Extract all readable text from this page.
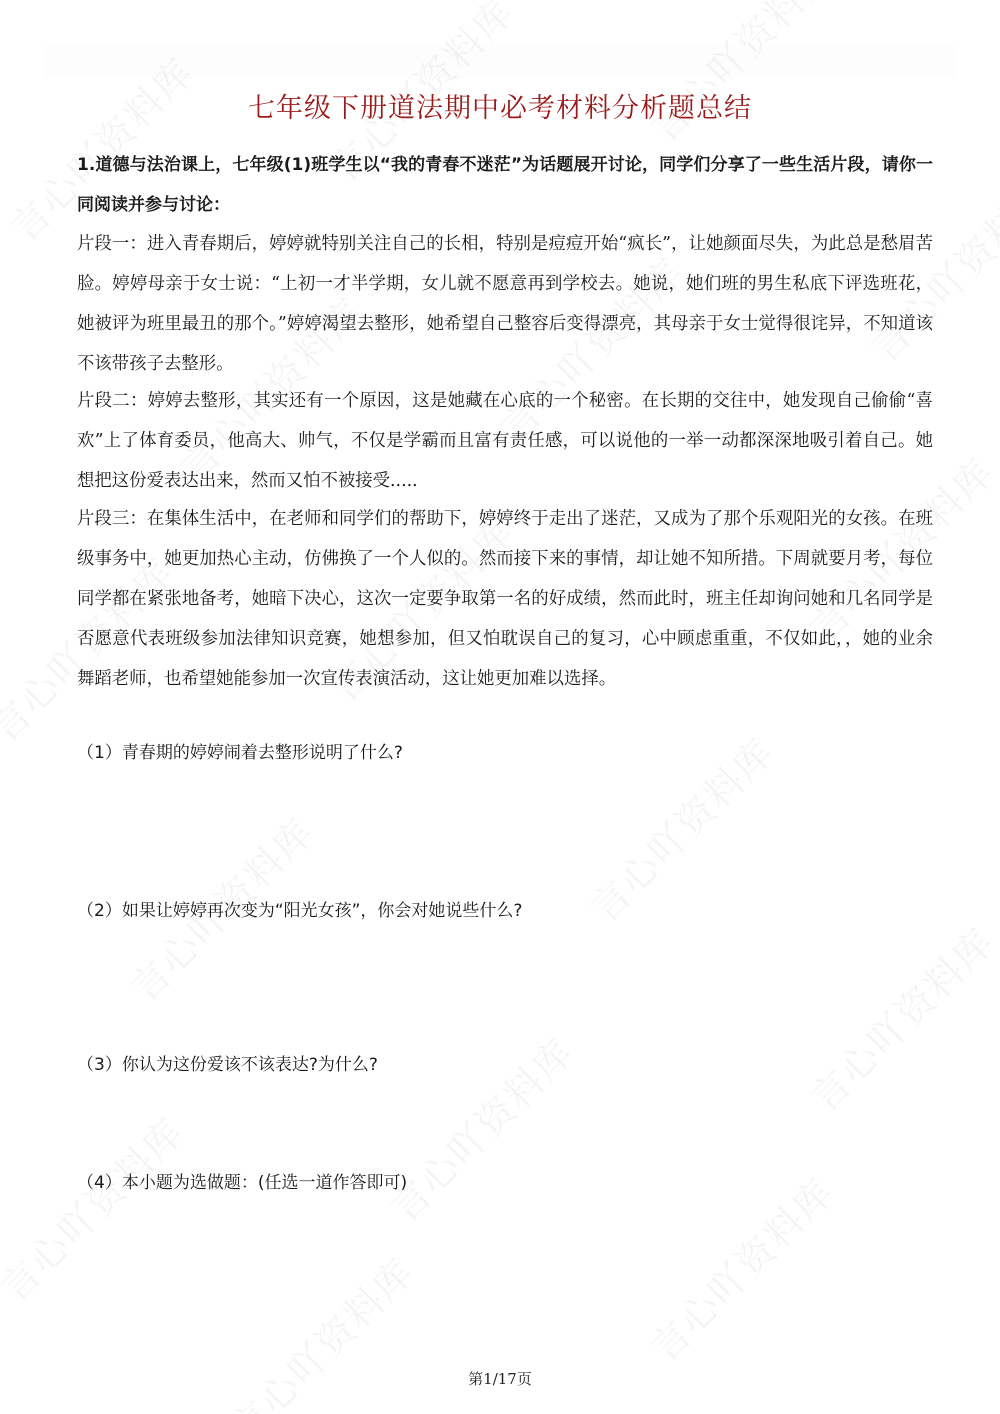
七年级下册道法期中必考材料分析题总结
1.道德与法治课上，七年级(1)班学生以“我的青春不迷茫”为话题展开讨论，同学们分享了一些生活片段，请你一同阅读并参与讨论：
片段一：进入青春期后，婷婷就特别关注自己的长相，特别是痘痘开始“疯长”，让她颜面尽失，为此总是愁眉苦脸。婷婷母亲于女士说：“上初一才半学期，女儿就不愿意再到学校去。她说，她们班的男生私底下评选班花，她被评为班里最丑的那个。”婷婷渴望去整形，她希望自己整容后变得漂亮，其母亲于女士觉得很诧异，不知道该不该带孩子去整形。
片段二：婷婷去整形，其实还有一个原因，这是她藏在心底的一个秘密。在长期的交往中，她发现自己偷偷“喜欢”上了体育委员，他高大、帅气，不仅是学霸而且富有责任感，可以说他的一举一动都深深地吸引着自己。她想把这份爱表达出来，然而又怕不被接受.....
片段三：在集体生活中，在老师和同学们的帮助下，婷婷终于走出了迷茫，又成为了那个乐观阳光的女孩。在班级事务中，她更加热心主动，仿佛换了一个人似的。然而接下来的事情，却让她不知所措。下周就要月考，每位同学都在紧张地备考，她暗下决心，这次一定要争取第一名的好成绩，然而此时，班主任却询问她和几名同学是否愿意代表班级参加法律知识竞赛，她想参加，但又怕耽误自己的复习，心中顾虑重重，不仅如此，，她的业余舞蹈老师，也希望她能参加一次宣传表演活动，这让她更加难以选择。
（1）青春期的婷婷闹着去整形说明了什么?
（2）如果让婷婷再次变为“阳光女孩”，你会对她说些什么?
（3）你认为这份爱该不该表达?为什么?
（4）本小题为选做题：(任选一道作答即可)
第1/17页
